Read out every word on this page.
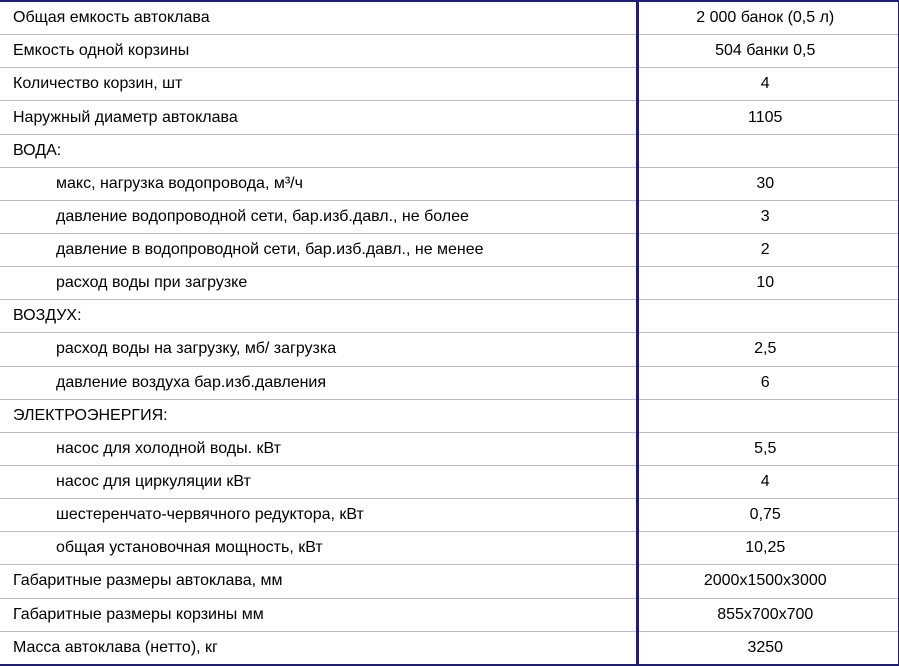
Общая емкость автоклава	2 000 банок (0,5 л)
Емкость одной корзины	504 банки 0,5
Количество корзин, шт	4
Наружный диаметр автоклава	1105
ВОДА:	
макс, нагрузка водопровода, м³/ч	30
давление водопроводной сети, бар.изб.давл., не более	3
давление в водопроводной сети, бар.изб.давл., не менее	2
расход воды при загрузке	10
ВОЗДУХ:	
расход воды на загрузку, мб/ загрузка	2,5
давление воздуха бар.изб.давления	6
ЭЛЕКТРОЭНЕРГИЯ:	
насос для холодной воды. кВт	5,5
насос для циркуляции кВт	4
шестеренчато-червячного редуктора, кВт	0,75
общая установочная мощность, кВт	10,25
Габаритные размеры автоклава, мм	2000x1500x3000
Габаритные размеры корзины мм	855x700x700
Масса автоклава (нетто), кг	3250
